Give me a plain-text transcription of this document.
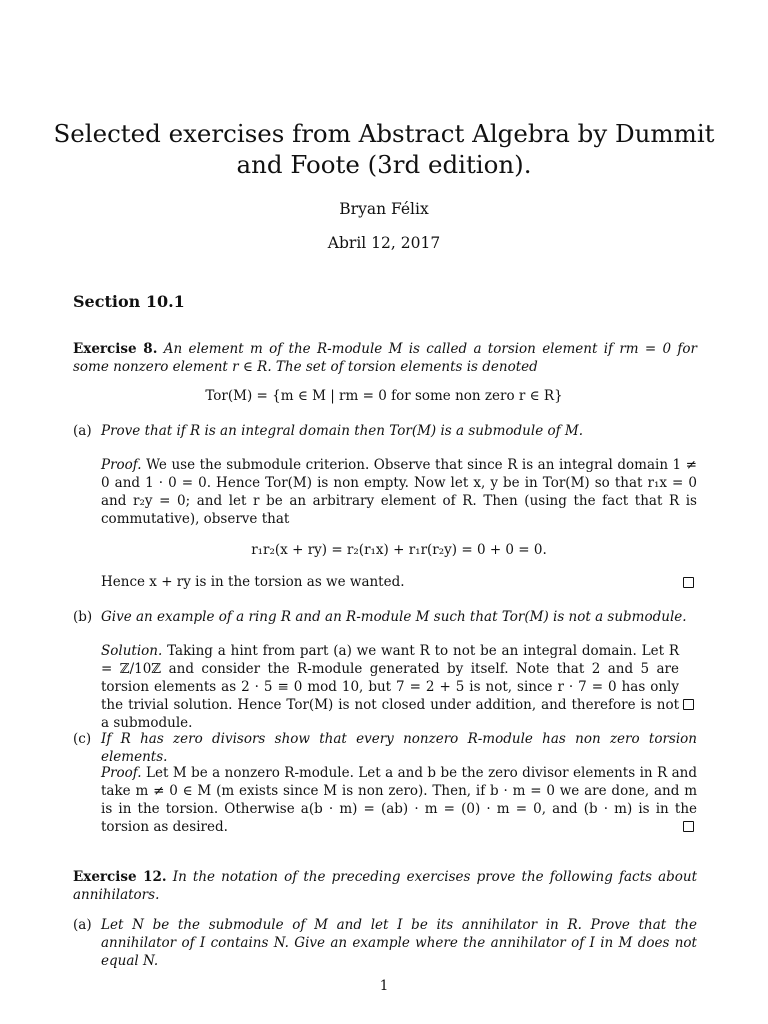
Selected exercises from Abstract Algebra by Dummit
and Foote (3rd edition).
Bryan Félix
Abril 12, 2017
Section 10.1
Exercise 8. An element m of the R-module M is called a torsion element if rm = 0 for some nonzero element r ∈ R. The set of torsion elements is denoted
Tor(M) = {m ∈ M | rm = 0 for some non zero r ∈ R}
(a) Prove that if R is an integral domain then Tor(M) is a submodule of M.
Proof. We use the submodule criterion. Observe that since R is an integral domain 1 ≠ 0 and 1 · 0 = 0. Hence Tor(M) is non empty. Now let x, y be in Tor(M) so that r₁x = 0 and r₂y = 0; and let r be an arbitrary element of R. Then (using the fact that R is commutative), observe that
r₁r₂(x + ry) = r₂(r₁x) + r₁r(r₂y) = 0 + 0 = 0.
Hence x + ry is in the torsion as we wanted.
(b) Give an example of a ring R and an R-module M such that Tor(M) is not a submodule.
Solution. Taking a hint from part (a) we want R to not be an integral domain. Let R = ℤ/10ℤ and consider the R-module generated by itself. Note that 2 and 5 are torsion elements as 2 · 5 ≡ 0 mod 10, but 7 = 2 + 5 is not, since r · 7 = 0 has only the trivial solution. Hence Tor(M) is not closed under addition, and therefore is not a submodule.
(c) If R has zero divisors show that every nonzero R-module has non zero torsion elements.
Proof. Let M be a nonzero R-module. Let a and b be the zero divisor elements in R and take m ≠ 0 ∈ M (m exists since M is non zero). Then, if b · m = 0 we are done, and m is in the torsion. Otherwise a(b · m) = (ab) · m = (0) · m = 0, and (b · m) is in the torsion as desired.
Exercise 12. In the notation of the preceding exercises prove the following facts about annihilators.
(a) Let N be the submodule of M and let I be its annihilator in R. Prove that the annihilator of I contains N. Give an example where the annihilator of I in M does not equal N.
1
